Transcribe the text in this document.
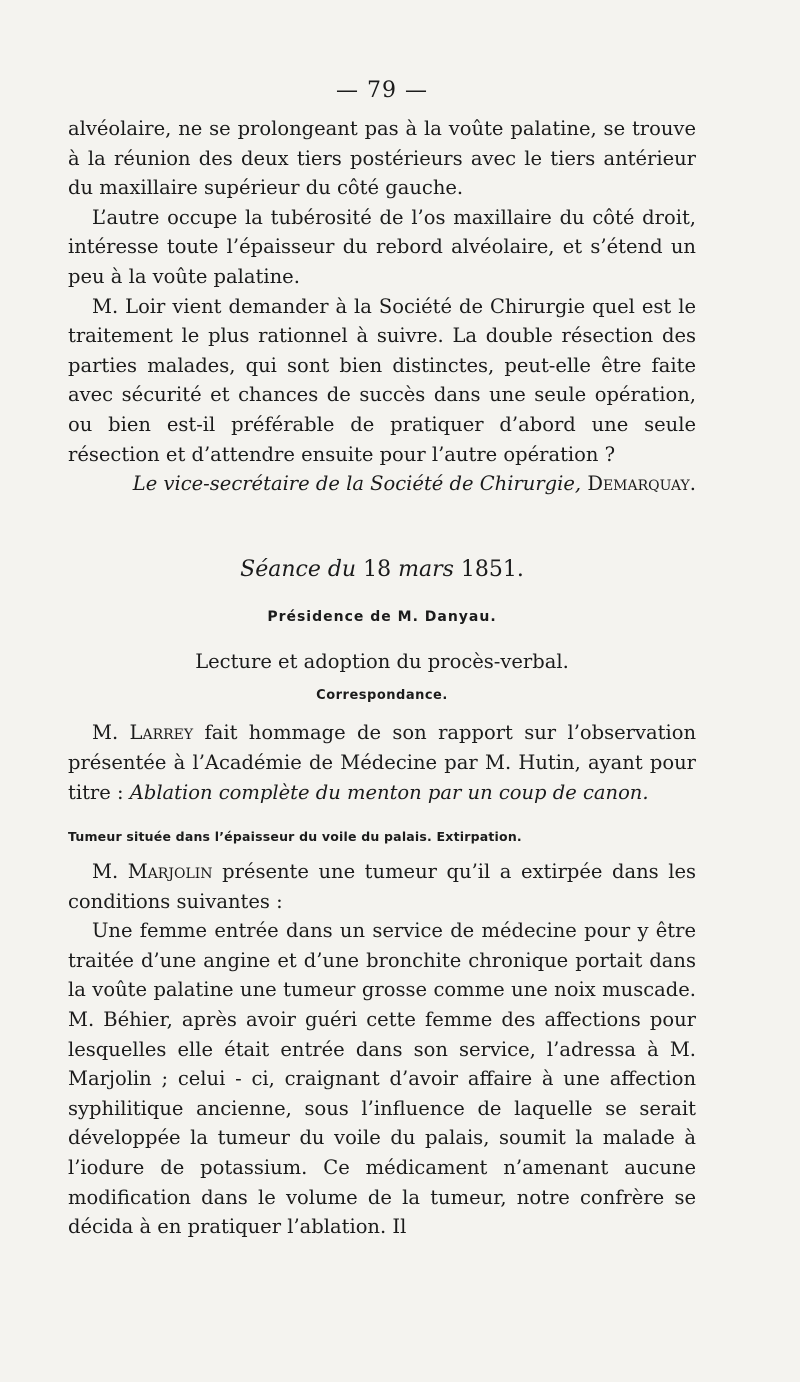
— 79 —

alvéolaire, ne se prolongeant pas à la voûte palatine, se trouve à la réunion des deux tiers postérieurs avec le tiers antérieur du maxillaire supérieur du côté gauche.

L’autre occupe la tubérosité de l’os maxillaire du côté droit, intéresse toute l’épaisseur du rebord alvéolaire, et s’étend un peu à la voûte palatine.

M. Loir vient demander à la Société de Chirurgie quel est le traitement le plus rationnel à suivre. La double résection des parties malades, qui sont bien distinctes, peut-elle être faite avec sécurité et chances de succès dans une seule opération, ou bien est-il préférable de pratiquer d’abord une seule résection et d’attendre ensuite pour l’autre opération ?

Le vice-secrétaire de la Société de Chirurgie, Demarquay.
Séance du 18 mars 1851.
Présidence de M. Danyau.
Lecture et adoption du procès-verbal.
Correspondance.

M. Larrey fait hommage de son rapport sur l’observation présentée à l’Académie de Médecine par M. Hutin, ayant pour titre : Ablation complète du menton par un coup de canon.

Tumeur située dans l’épaisseur du voile du palais. Extirpation.

M. Marjolin présente une tumeur qu’il a extirpée dans les conditions suivantes :

Une femme entrée dans un service de médecine pour y être traitée d’une angine et d’une bronchite chronique portait dans la voûte palatine une tumeur grosse comme une noix muscade. M. Béhier, après avoir guéri cette femme des affections pour lesquelles elle était entrée dans son service, l’adressa à M. Marjolin ; celui - ci, craignant d’avoir affaire à une affection syphilitique ancienne, sous l’influence de laquelle se serait développée la tumeur du voile du palais, soumit la malade à l’iodure de potassium. Ce médicament n’amenant aucune modification dans le volume de la tumeur, notre confrère se décida à en pratiquer l’ablation. Il
